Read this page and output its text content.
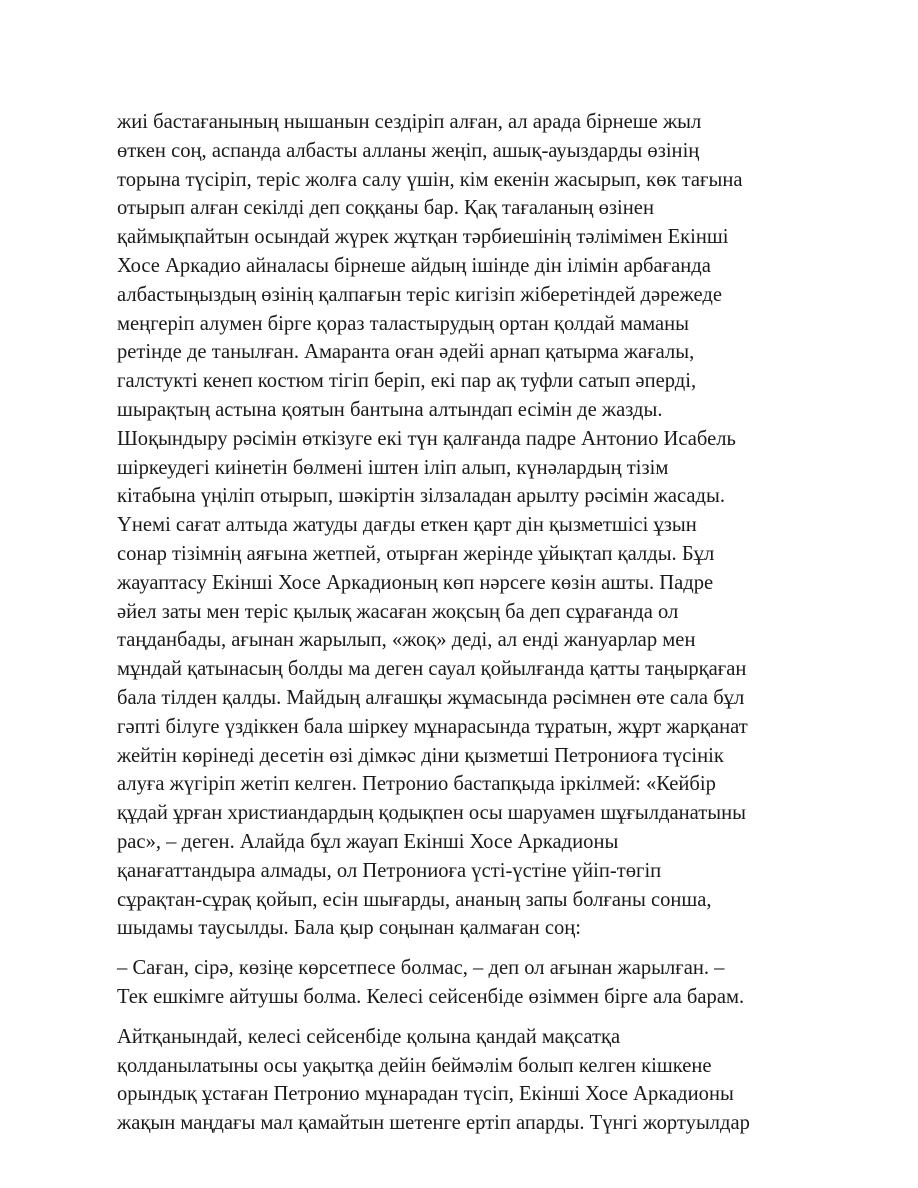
жиі бастағанының нышанын сездіріп алған, ал арада бірнеше жыл
өткен соң, аспанда албасты алланы жеңіп, ашық-ауыздарды өзінің
торына түсіріп, теріс жолға салу үшін, кім екенін жасырып, көк тағына
отырып алған секілді деп соққаны бар. Қақ тағаланың өзінен
қаймықпайтын осындай жүрек жұтқан тәрбиешінің тәлімімен Екінші
Хосе Аркадио айналасы бірнеше айдың ішінде дін ілімін арбағанда
албастыңыздың өзінің қалпағын теріс кигізіп жіберетіндей дәрежеде
меңгеріп алумен бірге қораз таластырудың ортан қолдай маманы
ретінде де танылған. Амаранта оған әдейі арнап қатырма жағалы,
галстукті кенеп костюм тігіп беріп, екі пар ақ туфли сатып әперді,
шырақтың астына қоятын бантына алтындап есімін де жазды.
Шоқындыру рәсімін өткізуге екі түн қалғанда падре Антонио Исабель
шіркеудегі киінетін бөлмені іштен іліп алып, күнәлардың тізім
кітабына үңіліп отырып, шәкіртін зілзаладан арылту рәсімін жасады.
Үнемі сағат алтыда жатуды дағды еткен қарт дін қызметшісі ұзын
сонар тізімнің аяғына жетпей, отырған жерінде ұйықтап қалды. Бұл
жауаптасу Екінші Хосе Аркадионың көп нәрсеге көзін ашты. Падре
әйел заты мен теріс қылық жасаған жоқсың ба деп сұрағанда ол
таңданбады, ағынан жарылып, «жоқ» деді, ал енді жануарлар мен
мұндай қатынасың болды ма деген сауал қойылғанда қатты таңырқаған
бала тілден қалды. Майдың алғашқы жұмасында рәсімнен өте сала бұл
гәпті білуге үздіккен бала шіркеу мұнарасында тұратын, жұрт жарқанат
жейтін көрінеді десетін өзі дімкәс діни қызметші Петрониоға түсінік
алуға жүгіріп жетіп келген. Петронио бастапқыда іркілмей: «Кейбір
құдай ұрған христиандардың қодықпен осы шаруамен шұғылданатыны
рас», – деген. Алайда бұл жауап Екінші Хосе Аркадионы
қанағаттандыра алмады, ол Петрониоға үсті-үстіне үйіп-төгіп
сұрақтан-сұрақ қойып, есін шығарды, ананың запы болғаны сонша,
шыдамы таусылды. Бала қыр соңынан қалмаған соң:

– Саған, сірә, көзіңе көрсетпесе болмас, – деп ол ағынан жарылған. –
Тек ешкімге айтушы болма. Келесі сейсенбіде өзіммен бірге ала барам.

Айтқанындай, келесі сейсенбіде қолына қандай мақсатқа
қолданылатыны осы уақытқа дейін беймәлім болып келген кішкене
орындық ұстаған Петронио мұнарадан түсіп, Екінші Хосе Аркадионы
жақын маңдағы мал қамайтын шетенге ертіп апарды. Түнгі жортуылдар
